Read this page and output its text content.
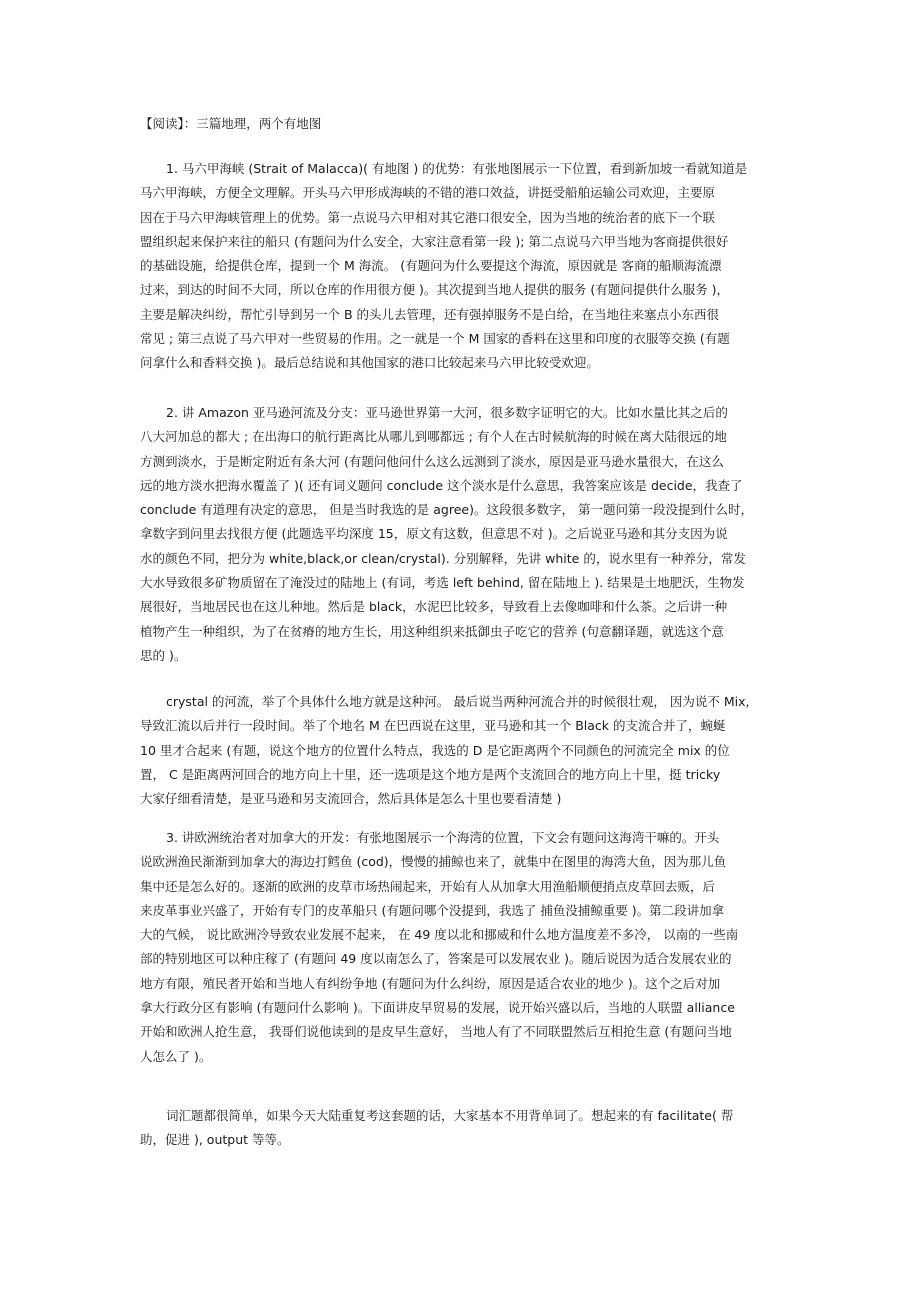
【阅读】：三篇地理，两个有地图
1. 马六甲海峡 (Strait of Malacca)( 有地图 ) 的优势：有张地图展示一下位置，看到新加坡一看就知道是
马六甲海峡，方便全文理解。开头马六甲形成海峡的不错的港口效益，讲挺受船舶运输公司欢迎，主要原
因在于马六甲海峡管理上的优势。第一点说马六甲相对其它港口很安全，因为当地的统治者的底下一个联
盟组织起来保护来往的船只 (有题问为什么安全，大家注意看第一段 ); 第二点说马六甲当地为客商提供很好
的基础设施，给提供仓库，提到一个 M 海流。 (有题问为什么要提这个海流，原因就是 客商的船顺海流漂
过来，到达的时间不大同，所以仓库的作用很方便 )。其次提到当地人提供的服务 (有题问提供什么服务 )，
主要是解决纠纷，帮忙引导到另一个 B 的头儿去管理，还有强掉服务不是白给，在当地往来塞点小东西很
常见 ; 第三点说了马六甲对一些贸易的作用。之一就是一个 M 国家的香料在这里和印度的衣服等交换 (有题
问拿什么和香料交换 )。最后总结说和其他国家的港口比较起来马六甲比较受欢迎。
2. 讲 Amazon 亚马逊河流及分支：亚马逊世界第一大河，很多数字证明它的大。比如水量比其之后的
八大河加总的都大 ; 在出海口的航行距离比从哪儿到哪都远 ; 有个人在古时候航海的时候在离大陆很远的地
方测到淡水，于是断定附近有条大河 (有题问他问什么这么远测到了淡水，原因是亚马逊水量很大，在这么
远的地方淡水把海水覆盖了 )( 还有词义题问 conclude 这个淡水是什么意思，我答案应该是 decide，我查了
conclude 有道理有决定的意思， 但是当时我选的是 agree)。这段很多数字， 第一题问第一段没提到什么时，
拿数字到问里去找很方便 (此题选平均深度 15，原文有这数，但意思不对 )。之后说亚马逊和其分支因为说
水的颜色不同，把分为 white,black,or clean/crystal). 分别解释，先讲 white 的，说水里有一种养分，常发
大水导致很多矿物质留在了淹没过的陆地上 (有词，考选 left behind, 留在陆地上 ). 结果是土地肥沃，生物发
展很好，当地居民也在这儿种地。然后是 black，水泥巴比较多，导致看上去像咖啡和什么茶。之后讲一种
植物产生一种组织，为了在贫瘠的地方生长，用这种组织来抵御虫子吃它的营养 (句意翻译题，就选这个意
思的 )。
crystal 的河流，举了个具体什么地方就是这种河。 最后说当两种河流合并的时候很壮观， 因为说不 Mix,
导致汇流以后并行一段时间。举了个地名 M 在巴西说在这里，亚马逊和其一个 Black 的支流合并了，蜿蜒
10 里才合起来 (有题，说这个地方的位置什么特点，我选的 D 是它距离两个不同颜色的河流完全 mix 的位
置， C 是距离两河回合的地方向上十里，还一选项是这个地方是两个支流回合的地方向上十里，挺 tricky
大家仔细看清楚，是亚马逊和另支流回合，然后具体是怎么十里也要看清楚 )
3. 讲欧洲统治者对加拿大的开发：有张地图展示一个海湾的位置，下文会有题问这海湾干嘛的。开头
说欧洲渔民渐渐到加拿大的海边打鳕鱼 (cod)，慢慢的捕鲸也来了，就集中在图里的海湾大鱼，因为那儿鱼
集中还是怎么好的。逐渐的欧洲的皮草市场热闹起来，开始有人从加拿大用渔船顺便捎点皮草回去贩，后
来皮革事业兴盛了，开始有专门的皮革船只 (有题问哪个没提到，我选了 捕鱼没捕鲸重要 )。第二段讲加拿
大的气候， 说比欧洲冷导致农业发展不起来， 在 49 度以北和挪威和什么地方温度差不多冷， 以南的一些南
部的特别地区可以种庄稼了 (有题问 49 度以南怎么了，答案是可以发展农业 )。随后说因为适合发展农业的
地方有限，殖民者开始和当地人有纠纷争地 (有题问为什么纠纷，原因是适合农业的地少 )。这个之后对加
拿大行政分区有影响 (有题问什么影响 )。下面讲皮早贸易的发展，说开始兴盛以后，当地的人联盟 alliance
开始和欧洲人抢生意， 我哥们说他读到的是皮早生意好， 当地人有了不同联盟然后互相抢生意 (有题问当地
人怎么了 )。
词汇题都很简单，如果今天大陆重复考这套题的话，大家基本不用背单词了。想起来的有 facilitate( 帮
助，促进 ), output 等等。
